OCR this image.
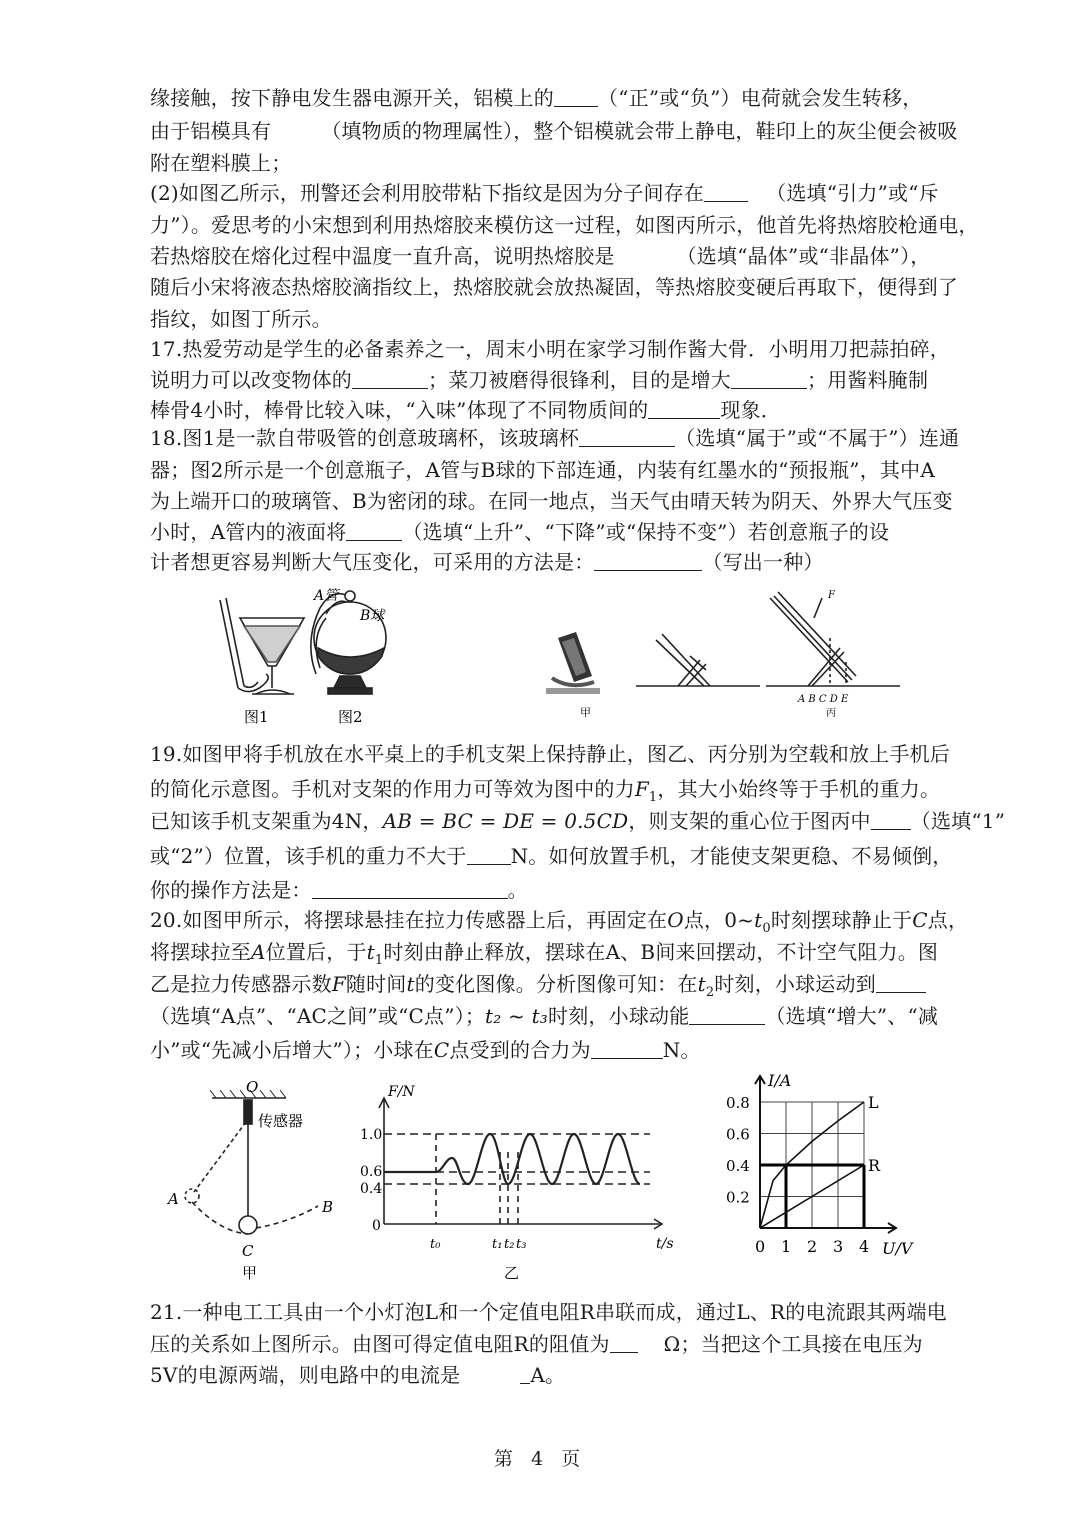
缘接触，按下静电发生器电源开关，铝模上的 （“正”或“负”）电荷就会发生转移，
由于铝模具有	（填物质的物理属性），整个铝模就会带上静电，鞋印上的灰尘便会被吸
附在塑料膜上；
(2)如图乙所示，刑警还会利用胶带粘下指纹是因为分子间存在	（选填“引力”或“斥
力”）。爱思考的小宋想到利用热熔胶来模仿这一过程，如图丙所示，他首先将热熔胶枪通电，
若热熔胶在熔化过程中温度一直升高，说明热熔胶是	（选填“晶体”或“非晶体”），
随后小宋将液态热熔胶滴指纹上，热熔胶就会放热凝固，等热熔胶变硬后再取下，便得到了
指纹，如图丁所示。
17.热爱劳动是学生的必备素养之一，周末小明在家学习制作酱大骨．小明用刀把蒜拍碎，
说明力可以改变物体的	；菜刀被磨得很锋利，目的是增大	；用酱料腌制
棒骨4小时，棒骨比较入味，“入味”体现了不同物质间的	现象．
18.图1是一款自带吸管的创意玻璃杯，该玻璃杯	（选填“属于”或“不属于”）连通
器；图2所示是一个创意瓶子，A管与B球的下部连通，内装有红墨水的“预报瓶”，其中A
为上端开口的玻璃管、B为密闭的球。在同一地点，当天气由晴天转为阴天、外界大气压变
小时，A管内的液面将	（选填“上升”、“下降”或“保持不变”）若创意瓶子的设
计者想更容易判断大气压变化，可采用的方法是：	（写出一种）
图1
A管
B球
图2	甲
F
A B C D E
丙
19.如图甲将手机放在水平桌上的手机支架上保持静止，图乙、丙分别为空载和放上手机后
的简化示意图。手机对支架的作用力可等效为图中的力$F_1$，其大小始终等于手机的重力。
已知该手机支架重为4N，AB = BC = DE = 0.5CD，则支架的重心位于图丙中 （选填“1”
或“2”）位置，该手机的重力不大于 N。如何放置手机，才能使支架更稳、不易倾倒，
你的操作方法是：	。
20.如图甲所示，将摆球悬挂在拉力传感器上后，再固定在O点，$0\sim t_0$时刻摆球静止于C点，
将摆球拉至A位置后，于$t_1$时刻由静止释放，摆球在A、B间来回摆动，不计空气阻力。图
乙是拉力传感器示数F随时间t的变化图像。分析图像可知：在$t_2$时刻，小球运动到
（选填“A点”、“AC之间”或“C点”）；t₂ ~ t₃时刻，小球动能	（选填“增大”、“减
小”或“先减小后增大”）；小球在C点受到的合力为	N。
O
传感器
A	B
C
甲
F/N
t/s
1.0
0.6
0.4
0
t₀	t₁ t₂ t₃
乙
L
R
0.2
0.4
0.6
0.8
0 1 2 3 4
I/A
U/V
21.一种电工工具由一个小灯泡L和一个定值电阻R串联而成，通过L、R的电流跟其两端电
压的关系如上图所示。由图可得定值电阻R的阻值为	Ω；当把这个工具接在电压为
5V的电源两端，则电路中的电流是	A。
第 4 页
